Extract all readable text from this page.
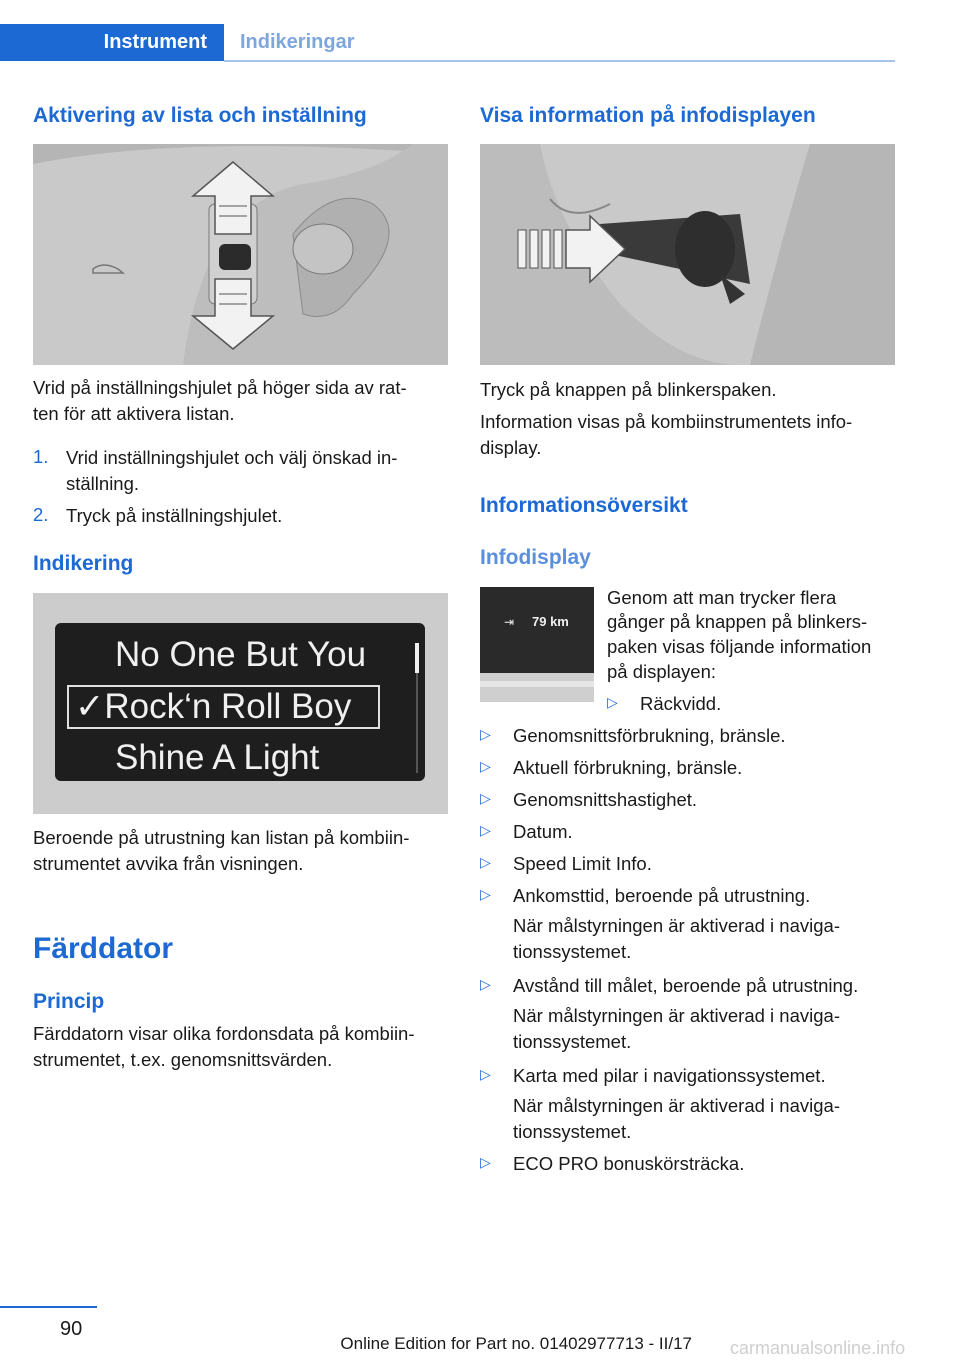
Instrument	Indikeringar
Aktivering av lista och inställning

Vrid på inställningshjulet på höger sida av rat‐

ten för att aktivera listan.

1. Vrid inställningshjulet och välj önskad in‐
ställning.
2. Tryck på inställningshjulet.
Indikering
No One But You
✓Rock‘n Roll Boy
Shine A Light

Beroende på utrustning kan listan på kombiin‐

strumentet avvika från visningen.

Färddator
Princip

Färddatorn visar olika fordonsdata på kombiin‐

strumentet, t.ex. genomsnittsvärden.

Visa information på infodisplayen

Tryck på knappen på blinkerspaken.

Information visas på kombiinstrumentets info‐

display.

Informationsöversikt
Infodisplay
⇥ 79 km

Genom att man trycker flera

gånger på knappen på blinkers‐

paken visas följande information

på displayen:

▷ Räckvidd.
▷ Genomsnittsförbrukning, bränsle.
▷ Aktuell förbrukning, bränsle.
▷ Genomsnittshastighet.
▷ Datum.
▷ Speed Limit Info.
▷ Ankomsttid, beroende på utrustning.
När målstyrningen är aktiverad i naviga‐
tionssystemet.
▷ Avstånd till målet, beroende på utrustning.
När målstyrningen är aktiverad i naviga‐
tionssystemet.
▷ Karta med pilar i navigationssystemet.
När målstyrningen är aktiverad i naviga‐
tionssystemet.
▷ ECO PRO bonuskörsträcka.
90
Online Edition for Part no. 01402977713 - II/17 carmanualsonline.info
